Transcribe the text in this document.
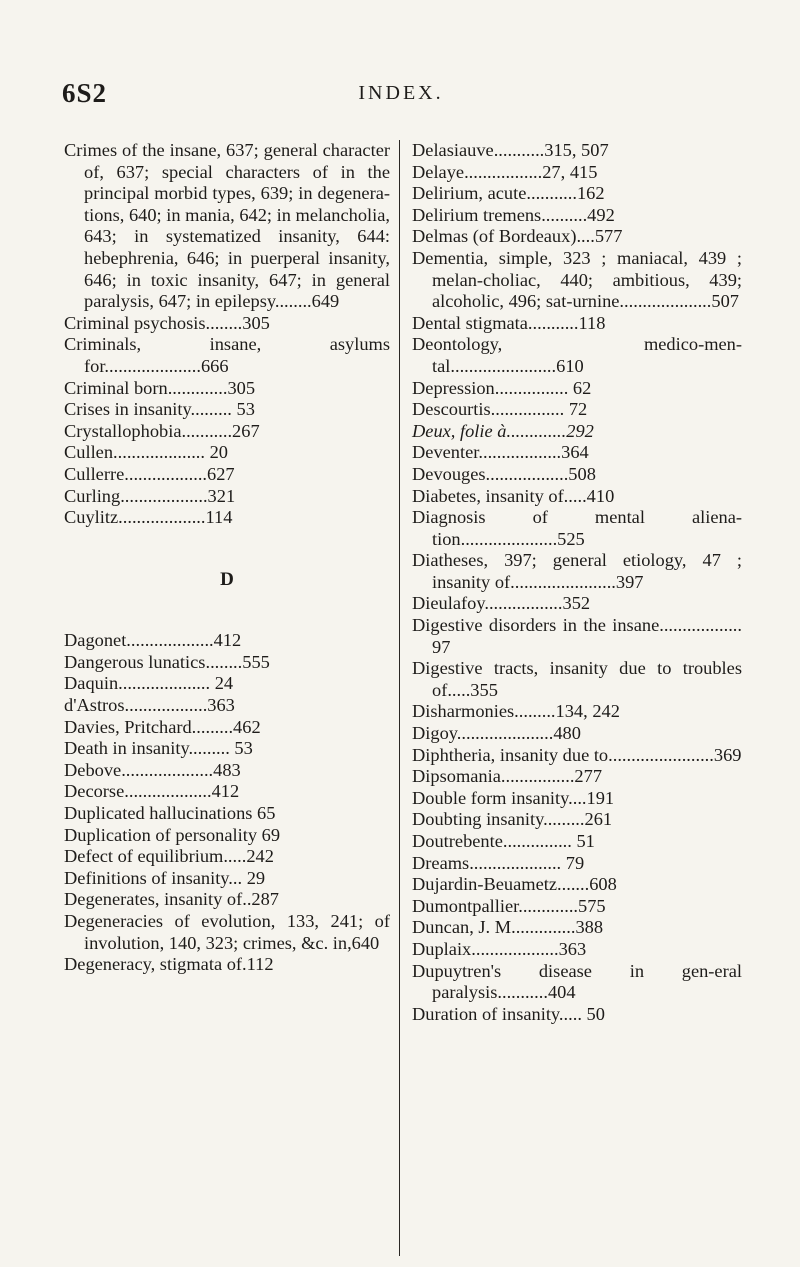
6S2	INDEX.

Crimes of the insane, 637; general character of, 637; special characters of in the principal morbid types, 639; in degenera-tions, 640; in mania, 642; in melancholia, 643; in systematized insanity, 644: hebephrenia, 646; in puerperal insanity, 646; in toxic insanity, 647; in general paralysis, 647; in epilepsy........649

Criminal psychosis........305

Criminals, insane, asylums for.....................666

Criminal born.............305

Crises in insanity......... 53

Crystallophobia...........267

Cullen.................... 20

Cullerre..................627

Curling...................321

Cuylitz...................114

D

Dagonet...................412

Dangerous lunatics........555

Daquin.................... 24

d'Astros..................363

Davies, Pritchard.........462

Death in insanity......... 53

Debove....................483

Decorse...................412

Duplicated hallucinations 65

Duplication of personality 69

Defect of equilibrium.....242

Definitions of insanity... 29

Degenerates, insanity of..287

Degeneracies of evolution, 133, 241; of involution, 140, 323; crimes, &c. in,640

Degeneracy, stigmata of.112

Delasiauve...........315, 507

Delaye.................27, 415

Delirium, acute...........162

Delirium tremens..........492

Delmas (of Bordeaux)....577

Dementia, simple, 323 ; maniacal, 439 ; melan-choliac, 440; ambitious, 439; alcoholic, 496; sat-urnine....................507

Dental stigmata...........118

Deontology, medico-men-tal.......................610

Depression................ 62

Descourtis................ 72

Deux, folie à.............292

Deventer..................364

Devouges..................508

Diabetes, insanity of.....410

Diagnosis of mental aliena-tion.....................525

Diatheses, 397; general etiology, 47 ; insanity of.......................397

Dieulafoy.................352

Digestive disorders in the insane.................. 97

Digestive tracts, insanity due to troubles of.....355

Disharmonies.........134, 242

Digoy.....................480

Diphtheria, insanity due to.......................369

Dipsomania................277

Double form insanity....191

Doubting insanity.........261

Doutrebente............... 51

Dreams.................... 79

Dujardin-Beuametz.......608

Dumontpallier.............575

Duncan, J. M..............388

Duplaix...................363

Dupuytren's disease in gen-eral paralysis...........404

Duration of insanity..... 50
